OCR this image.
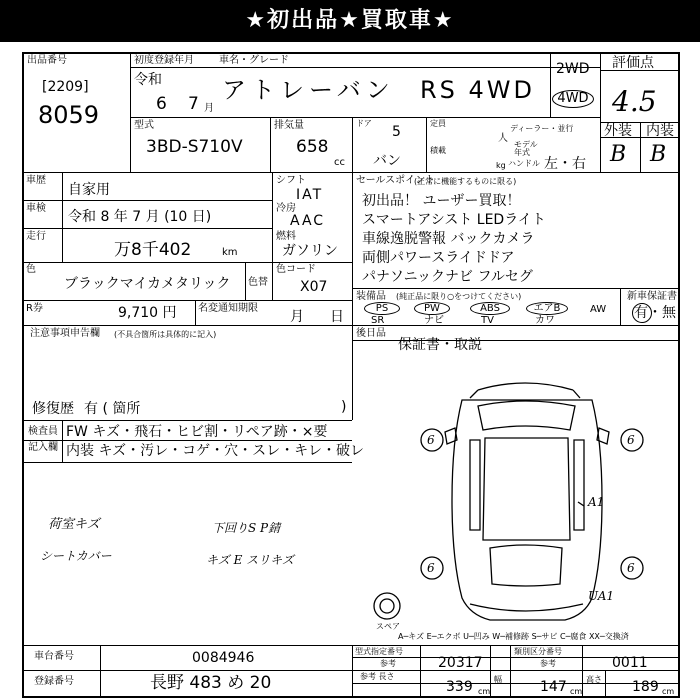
★初出品★買取車★
出品番号
[2209]
8059
初度登録年月
令和
6 7 月
車名・グレード
アトレーバン RS 4WD
2WD
4WD
評価点
4.5
外装 内装
B B
型式
3BD-S710V
排気量
658
cc
ドア
5
バン
定員
人
積載
kg
ディーラー・並行
モデル年式
ハンドル 左・右
車歴
自家用
車検
令和 8 年 7 月 (10 日)
走行
万8千402	km
色
ブラックマイカメタリック 色替
シフト
IAT
冷房
AAC
燃料
ガソリン
色コード
X07
R券	9,710 円 名変通知期限
月 日
注意事項申告欄 (不具合箇所は具体的に記入)
修復歴 有 ( 箇所	)
セールスポイント
(正常に機能するものに限る)
初出品！ ユーザー買取！
スマートアシスト LEDライト
車線逸脱警報 バックカメラ
両側パワースライドドア
パナソニックナビ フルセグ
装備品 (純正品に限り○をつけてください)	新車保証書
PS	PW	ABS	エアB
SR	ナビ	TV	カワ
AW 有・無
後日品
保証書・取説
検査員
記入欄
FW キズ・飛石・ヒビ割・リペア跡・×要
内装 キズ・汚レ・コゲ・穴・スレ・キレ・破レ
荷室キズ
シートカバー
下回りS P錆
キズ E スリキズ
6	6
6	6
A1
UA1
スペア
A─キズ E─エクボ U─凹み W─補修跡 S─サビ C─腐食 XX─交換済
車台番号	0084946
登録番号	長野 483 め 20
型式指定番号
参考	20317
類別区分番号
参考	0011
参考 長さ
339 cm
幅	147 cm
高さ 189 cm
